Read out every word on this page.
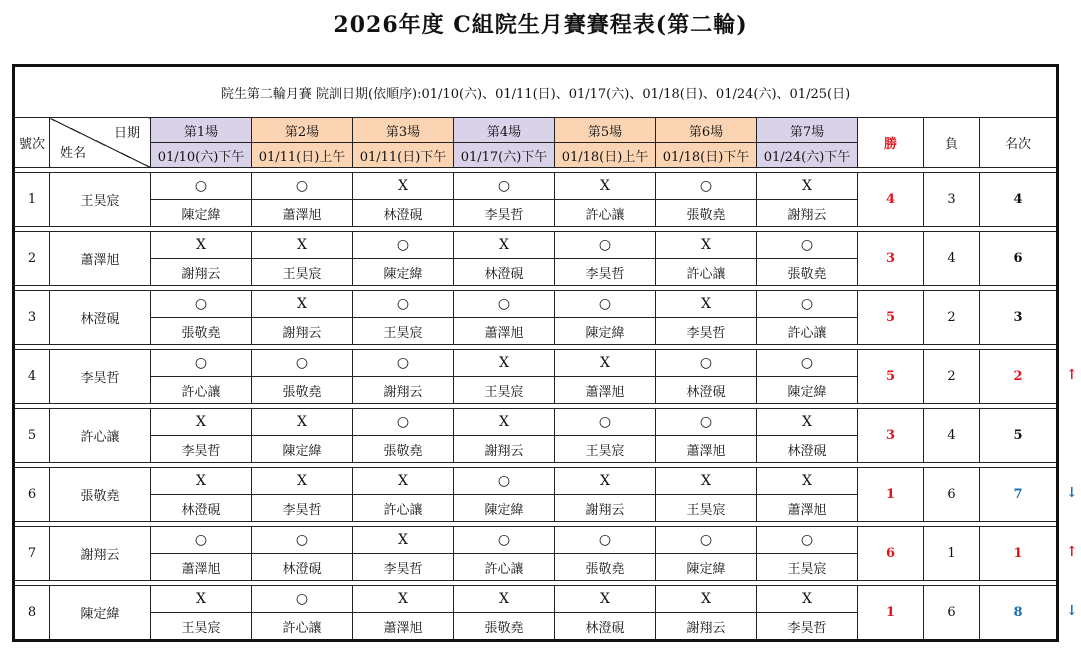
2026年度 C組院生月賽賽程表(第二輪)
院生第二輪月賽 院訓日期(依順序):01/10(六)、01/11(日)、01/17(六)、01/18(日)、01/24(六)、01/25(日)											
號次	日期
姓名	第1場	第2場	第3場	第4場	第5場	第6場	第7場	勝	負	名次
		01/10(六)下午	01/11(日)上午	01/11(日)下午	01/17(六)下午	01/18(日)上午	01/18(日)下午	01/24(六)下午			

1	王昊宸	○	○	X	○	X	○	X	4	3	4
		陳定緯	蕭澤旭	林澄硯	李昊哲	許心讓	張敬堯	謝翔云			

2	蕭澤旭	X	X	○	X	○	X	○	3	4	6
		謝翔云	王昊宸	陳定緯	林澄硯	李昊哲	許心讓	張敬堯			

3	林澄硯	○	X	○	○	○	X	○	5	2	3
		張敬堯	謝翔云	王昊宸	蕭澤旭	陳定緯	李昊哲	許心讓			

4	李昊哲	○	○	○	X	X	○	○	5	2	2
		許心讓	張敬堯	謝翔云	王昊宸	蕭澤旭	林澄硯	陳定緯			

5	許心讓	X	X	○	X	○	○	X	3	4	5
		李昊哲	陳定緯	張敬堯	謝翔云	王昊宸	蕭澤旭	林澄硯			

6	張敬堯	X	X	X	○	X	X	X	1	6	7
		林澄硯	李昊哲	許心讓	陳定緯	謝翔云	王昊宸	蕭澤旭			

7	謝翔云	○	○	X	○	○	○	○	6	1	1
		蕭澤旭	林澄硯	李昊哲	許心讓	張敬堯	陳定緯	王昊宸			

8	陳定緯	X	○	X	X	X	X	X	1	6	8
		王昊宸	許心讓	蕭澤旭	張敬堯	林澄硯	謝翔云	李昊哲			
↑
↓
↑
↓
